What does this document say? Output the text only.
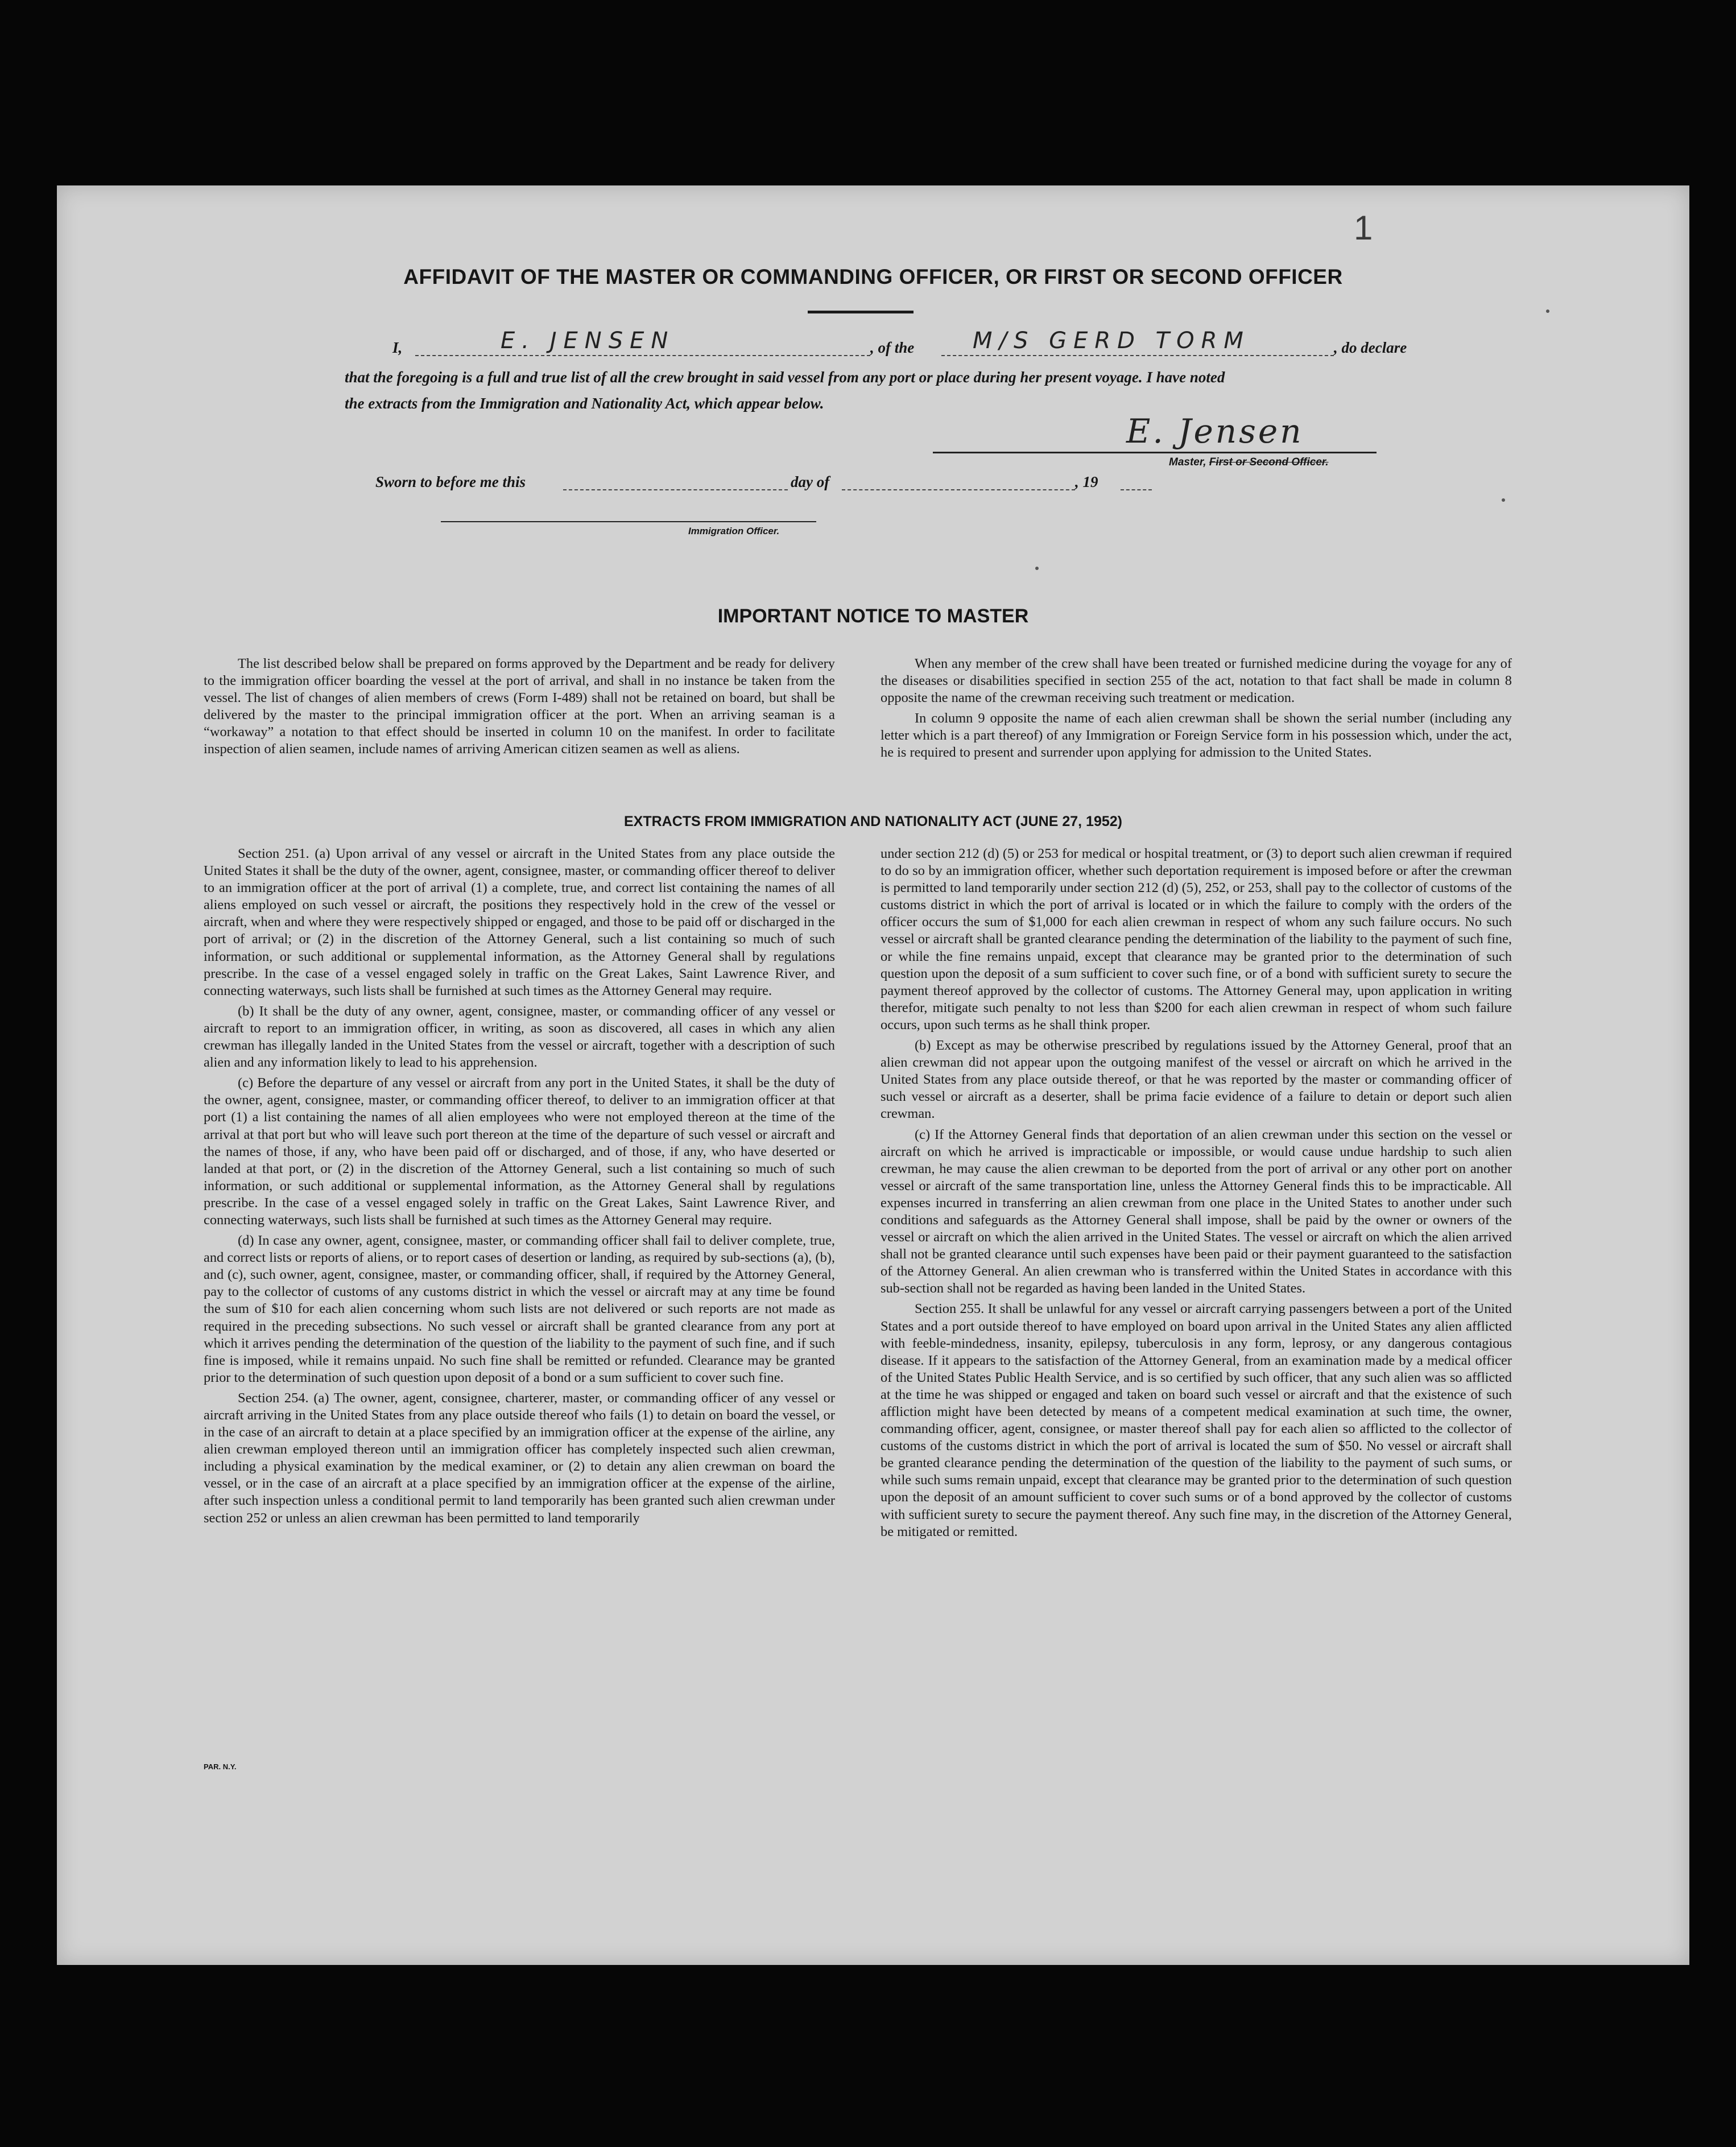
1
AFFIDAVIT OF THE MASTER OR COMMANDING OFFICER, OR FIRST OR SECOND OFFICER
I,	E. JENSEN	, of the	M/S GERD TORM	, do declare
that the foregoing is a full and true list of all the crew brought in said vessel from any port or place during her present voyage. I have noted
the extracts from the Immigration and Nationality Act, which appear below.
E. Jensen
Master, First or Second Officer.
Sworn to before me this	day of	, 19
Immigration Officer.
IMPORTANT NOTICE TO MASTER

The list described below shall be prepared on forms approved by the Department and be ready for delivery to the immigration officer boarding the vessel at the port of arrival, and shall in no instance be taken from the vessel. The list of changes of alien members of crews (Form I-489) shall not be retained on board, but shall be delivered by the master to the principal immigration officer at the port. When an arriving seaman is a “workaway” a notation to that effect should be inserted in column 10 on the manifest. In order to facilitate inspection of alien seamen, include names of arriving American citizen seamen as well as aliens.

When any member of the crew shall have been treated or furnished medicine during the voyage for any of the diseases or disabilities specified in section 255 of the act, notation to that fact shall be made in column 8 opposite the name of the crewman receiving such treatment or medication.

In column 9 opposite the name of each alien crewman shall be shown the serial number (including any letter which is a part thereof) of any Immigration or Foreign Service form in his possession which, under the act, he is required to present and surrender upon applying for admission to the United States.

EXTRACTS FROM IMMIGRATION AND NATIONALITY ACT (JUNE 27, 1952)

Section 251. (a) Upon arrival of any vessel or aircraft in the United States from any place outside the United States it shall be the duty of the owner, agent, consignee, master, or commanding officer thereof to deliver to an immigration officer at the port of arrival (1) a complete, true, and correct list containing the names of all aliens employed on such vessel or aircraft, the positions they respectively hold in the crew of the vessel or aircraft, when and where they were respectively shipped or engaged, and those to be paid off or discharged in the port of arrival; or (2) in the discretion of the Attorney General, such a list containing so much of such information, or such additional or supplemental information, as the Attorney General shall by regulations prescribe. In the case of a vessel engaged solely in traffic on the Great Lakes, Saint Lawrence River, and connecting waterways, such lists shall be furnished at such times as the Attorney General may require.

(b) It shall be the duty of any owner, agent, consignee, master, or commanding officer of any vessel or aircraft to report to an immigration officer, in writing, as soon as discovered, all cases in which any alien crewman has illegally landed in the United States from the vessel or aircraft, together with a description of such alien and any information likely to lead to his apprehension.

(c) Before the departure of any vessel or aircraft from any port in the United States, it shall be the duty of the owner, agent, consignee, master, or commanding officer thereof, to deliver to an immigration officer at that port (1) a list containing the names of all alien employees who were not employed thereon at the time of the arrival at that port but who will leave such port thereon at the time of the departure of such vessel or aircraft and the names of those, if any, who have been paid off or discharged, and of those, if any, who have deserted or landed at that port, or (2) in the discretion of the Attorney General, such a list containing so much of such information, or such additional or supplemental information, as the Attorney General shall by regulations prescribe. In the case of a vessel engaged solely in traffic on the Great Lakes, Saint Lawrence River, and connecting waterways, such lists shall be furnished at such times as the Attorney General may require.

(d) In case any owner, agent, consignee, master, or commanding officer shall fail to deliver complete, true, and correct lists or reports of aliens, or to report cases of desertion or landing, as required by sub-sections (a), (b), and (c), such owner, agent, consignee, master, or commanding officer, shall, if required by the Attorney General, pay to the collector of customs of any customs district in which the vessel or aircraft may at any time be found the sum of $10 for each alien concerning whom such lists are not delivered or such reports are not made as required in the preceding subsections. No such vessel or aircraft shall be granted clearance from any port at which it arrives pending the determination of the question of the liability to the payment of such fine, and if such fine is imposed, while it remains unpaid. No such fine shall be remitted or refunded. Clearance may be granted prior to the determination of such question upon deposit of a bond or a sum sufficient to cover such fine.

Section 254. (a) The owner, agent, consignee, charterer, master, or commanding officer of any vessel or aircraft arriving in the United States from any place outside thereof who fails (1) to detain on board the vessel, or in the case of an aircraft to detain at a place specified by an immigration officer at the expense of the airline, any alien crewman employed thereon until an immigration officer has completely inspected such alien crewman, including a physical examination by the medical examiner, or (2) to detain any alien crewman on board the vessel, or in the case of an aircraft at a place specified by an immigration officer at the expense of the airline, after such inspection unless a conditional permit to land temporarily has been granted such alien crewman under section 252 or unless an alien crewman has been permitted to land temporarily

under section 212 (d) (5) or 253 for medical or hospital treatment, or (3) to deport such alien crewman if required to do so by an immigration officer, whether such deportation requirement is imposed before or after the crewman is permitted to land temporarily under section 212 (d) (5), 252, or 253, shall pay to the collector of customs of the customs district in which the port of arrival is located or in which the failure to comply with the orders of the officer occurs the sum of $1,000 for each alien crewman in respect of whom any such failure occurs. No such vessel or aircraft shall be granted clearance pending the determination of the liability to the payment of such fine, or while the fine remains unpaid, except that clearance may be granted prior to the determination of such question upon the deposit of a sum sufficient to cover such fine, or of a bond with sufficient surety to secure the payment thereof approved by the collector of customs. The Attorney General may, upon application in writing therefor, mitigate such penalty to not less than $200 for each alien crewman in respect of whom such failure occurs, upon such terms as he shall think proper.

(b) Except as may be otherwise prescribed by regulations issued by the Attorney General, proof that an alien crewman did not appear upon the outgoing manifest of the vessel or aircraft on which he arrived in the United States from any place outside thereof, or that he was reported by the master or commanding officer of such vessel or aircraft as a deserter, shall be prima facie evidence of a failure to detain or deport such alien crewman.

(c) If the Attorney General finds that deportation of an alien crewman under this section on the vessel or aircraft on which he arrived is impracticable or impossible, or would cause undue hardship to such alien crewman, he may cause the alien crewman to be deported from the port of arrival or any other port on another vessel or aircraft of the same transportation line, unless the Attorney General finds this to be impracticable. All expenses incurred in transferring an alien crewman from one place in the United States to another under such conditions and safeguards as the Attorney General shall impose, shall be paid by the owner or owners of the vessel or aircraft on which the alien arrived in the United States. The vessel or aircraft on which the alien arrived shall not be granted clearance until such expenses have been paid or their payment guaranteed to the satisfaction of the Attorney General. An alien crewman who is transferred within the United States in accordance with this sub-section shall not be regarded as having been landed in the United States.

Section 255. It shall be unlawful for any vessel or aircraft carrying passengers between a port of the United States and a port outside thereof to have employed on board upon arrival in the United States any alien afflicted with feeble-mindedness, insanity, epilepsy, tuberculosis in any form, leprosy, or any dangerous contagious disease. If it appears to the satisfaction of the Attorney General, from an examination made by a medical officer of the United States Public Health Service, and is so certified by such officer, that any such alien was so afflicted at the time he was shipped or engaged and taken on board such vessel or aircraft and that the existence of such affliction might have been detected by means of a competent medical examination at such time, the owner, commanding officer, agent, consignee, or master thereof shall pay for each alien so afflicted to the collector of customs of the customs district in which the port of arrival is located the sum of $50. No vessel or aircraft shall be granted clearance pending the determination of the question of the liability to the payment of such sums, or while such sums remain unpaid, except that clearance may be granted prior to the determination of such question upon the deposit of an amount sufficient to cover such sums or of a bond approved by the collector of customs with sufficient surety to secure the payment thereof. Any such fine may, in the discretion of the Attorney General, be mitigated or remitted.

PAR. N.Y.
